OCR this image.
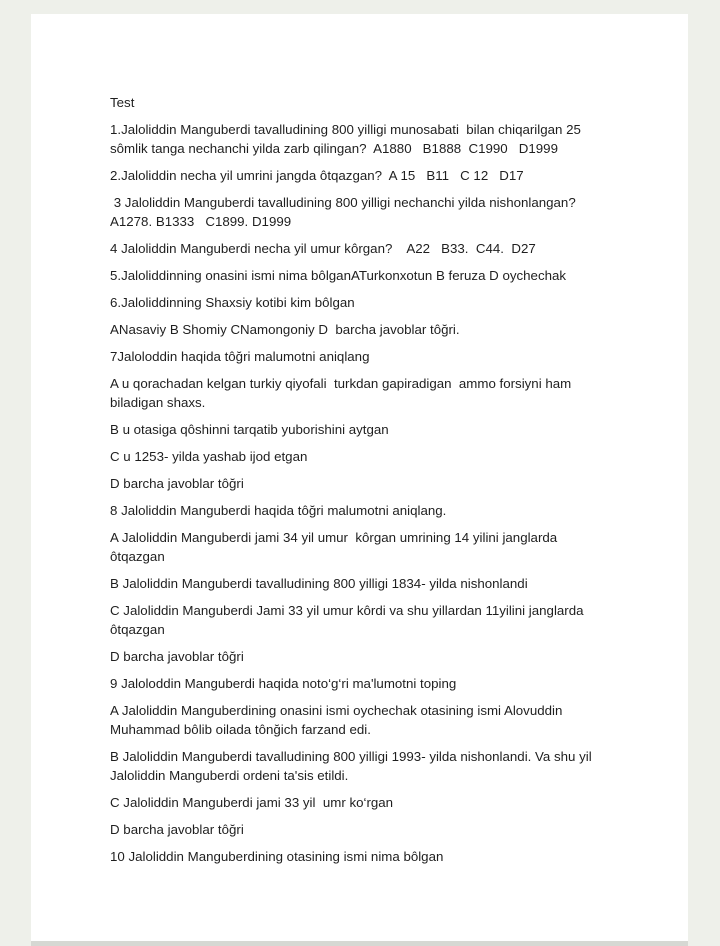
Test

1.Jaloliddin Manguberdi tavalludining 800 yilligi munosabati  bilan chiqarilgan 25 sômlik tanga nechanchi yilda zarb qilingan?  A1880   B1888  C1990   D1999

2.Jaloliddin necha yil umrini jangda ôtqazgan?  A 15   B11   C 12   D17

3 Jaloliddin Manguberdi tavalludining 800 yilligi nechanchi yilda nishonlangan? A1278. B1333   C1899. D1999

4 Jaloliddin Manguberdi necha yil umur kôrgan?    A22   B33.  C44.  D27

5.Jaloliddinning onasini ismi nima bôlganATurkonxotun B feruza D oychechak

6.Jaloliddinning Shaxsiy kotibi kim bôlgan

ANasaviy B Shomiy CNamongoniy D  barcha javoblar tôğri.

7Jaloloddin haqida tôğri malumotni aniqlang

A u qorachadan kelgan turkiy qiyofali  turkdan gapiradigan  ammo forsiyni ham biladigan shaxs.

B u otasiga qôshinni tarqatib yuborishini aytgan

C u 1253- yilda yashab ijod etgan

D barcha javoblar tôğri

8 Jaloliddin Manguberdi haqida tôğri malumotni aniqlang.

A Jaloliddin Manguberdi jami 34 yil umur  kôrgan umrining 14 yilini janglarda ôtqazgan

B Jaloliddin Manguberdi tavalludining 800 yilligi 1834- yilda nishonlandi

C Jaloliddin Manguberdi Jami 33 yil umur kôrdi va shu yillardan 11yilini janglarda ôtqazgan

D barcha javoblar tôğri

9 Jaloloddin Manguberdi haqida noto‘g‘ri ma'lumotni toping

A Jaloliddin Manguberdining onasini ismi oychechak otasining ismi Alovuddin Muhammad bôlib oilada tônğich farzand edi.

B Jaloliddin Manguberdi tavalludining 800 yilligi 1993- yilda nishonlandi. Va shu yil Jaloliddin Manguberdi ordeni ta'sis etildi.

C Jaloliddin Manguberdi jami 33 yil  umr ko‘rgan

D barcha javoblar tôğri

10 Jaloliddin Manguberdining otasining ismi nima bôlgan
